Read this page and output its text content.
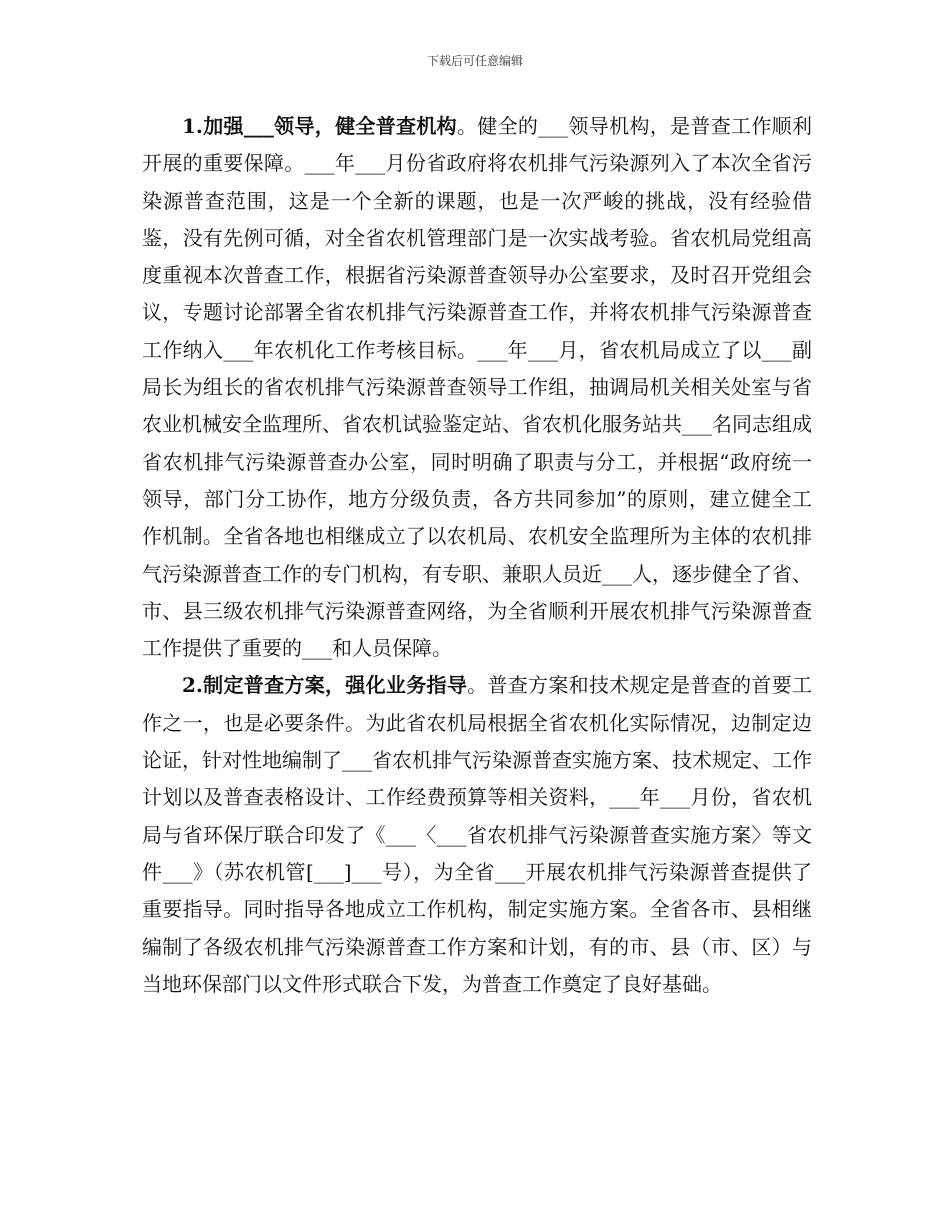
下载后可任意编辑

1.加强___领导，健全普查机构。健全的___领导机构，是普查工作顺利开展的重要保障。___年___月份省政府将农机排气污染源列入了本次全省污染源普查范围，这是一个全新的课题，也是一次严峻的挑战，没有经验借鉴，没有先例可循，对全省农机管理部门是一次实战考验。省农机局党组高度重视本次普查工作，根据省污染源普查领导办公室要求，及时召开党组会议，专题讨论部署全省农机排气污染源普查工作，并将农机排气污染源普查工作纳入___年农机化工作考核目标。___年___月，省农机局成立了以___副局长为组长的省农机排气污染源普查领导工作组，抽调局机关相关处室与省农业机械安全监理所、省农机试验鉴定站、省农机化服务站共___名同志组成省农机排气污染源普查办公室，同时明确了职责与分工，并根据“政府统一领导，部门分工协作，地方分级负责，各方共同参加”的原则，建立健全工作机制。全省各地也相继成立了以农机局、农机安全监理所为主体的农机排气污染源普查工作的专门机构，有专职、兼职人员近___人，逐步健全了省、市、县三级农机排气污染源普查网络，为全省顺利开展农机排气污染源普查工作提供了重要的___和人员保障。

2.制定普查方案，强化业务指导。普查方案和技术规定是普查的首要工作之一，也是必要条件。为此省农机局根据全省农机化实际情况，边制定边论证，针对性地编制了___省农机排气污染源普查实施方案、技术规定、工作计划以及普查表格设计、工作经费预算等相关资料，___年___月份，省农机局与省环保厅联合印发了《___〈___省农机排气污染源普查实施方案〉等文件___》（苏农机管[___]___号），为全省___开展农机排气污染源普查提供了重要指导。同时指导各地成立工作机构，制定实施方案。全省各市、县相继编制了各级农机排气污染源普查工作方案和计划，有的市、县（市、区）与当地环保部门以文件形式联合下发，为普查工作奠定了良好基础。
